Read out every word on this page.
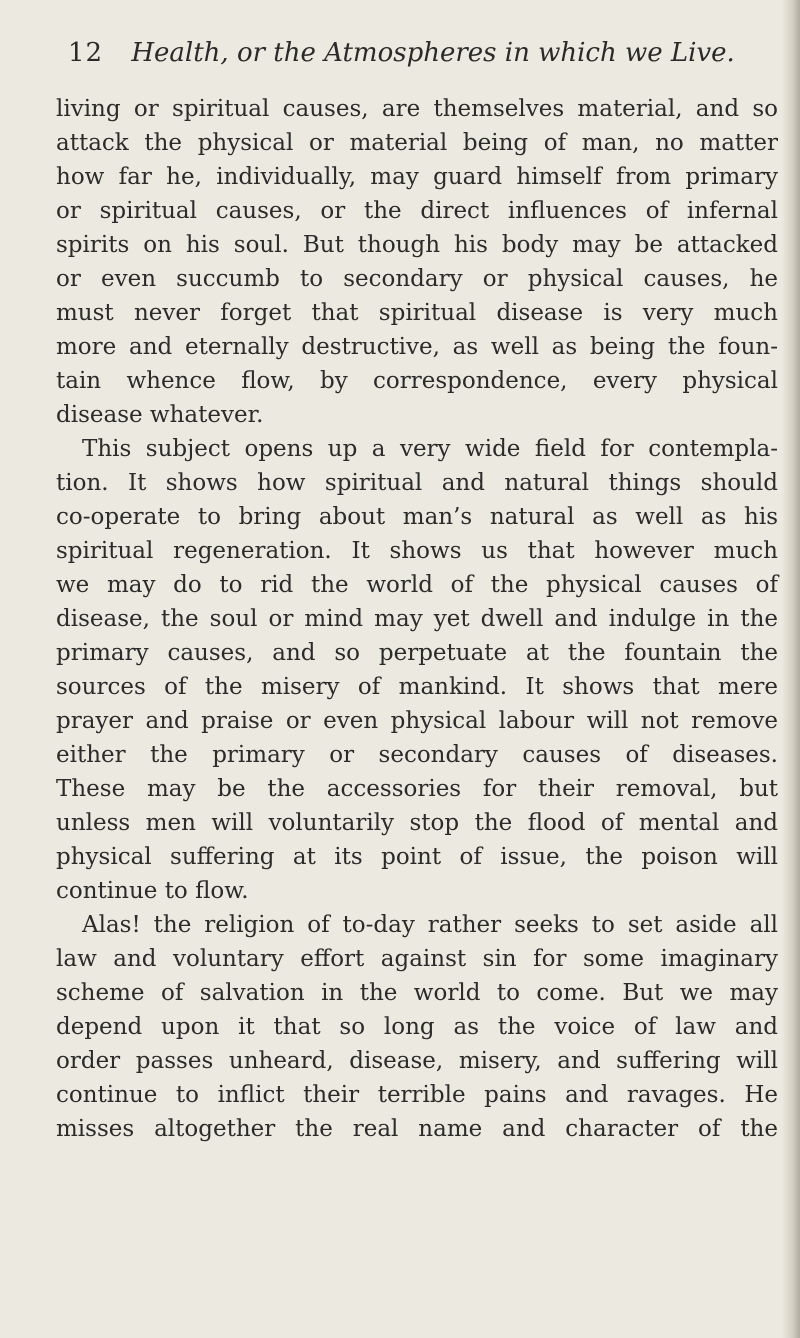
12 Health, or the Atmospheres in which we Live.
living or spiritual causes, are themselves material, and so
attack the physical or material being of man, no matter
how far he, individually, may guard himself from primary
or spiritual causes, or the direct influences of infernal
spirits on his soul. But though his body may be attacked
or even succumb to secondary or physical causes, he
must never forget that spiritual disease is very much
more and eternally destructive, as well as being the foun-
tain whence flow, by correspondence, every physical
disease whatever.
This subject opens up a very wide field for contempla-
tion. It shows how spiritual and natural things should
co-operate to bring about man’s natural as well as his
spiritual regeneration. It shows us that however much
we may do to rid the world of the physical causes of
disease, the soul or mind may yet dwell and indulge in the
primary causes, and so perpetuate at the fountain the
sources of the misery of mankind. It shows that mere
prayer and praise or even physical labour will not remove
either the primary or secondary causes of diseases.
These may be the accessories for their removal, but
unless men will voluntarily stop the flood of mental and
physical suffering at its point of issue, the poison will
continue to flow.
Alas! the religion of to-day rather seeks to set aside all
law and voluntary effort against sin for some imaginary
scheme of salvation in the world to come. But we may
depend upon it that so long as the voice of law and
order passes unheard, disease, misery, and suffering will
continue to inflict their terrible pains and ravages. He
misses altogether the real name and character of the
